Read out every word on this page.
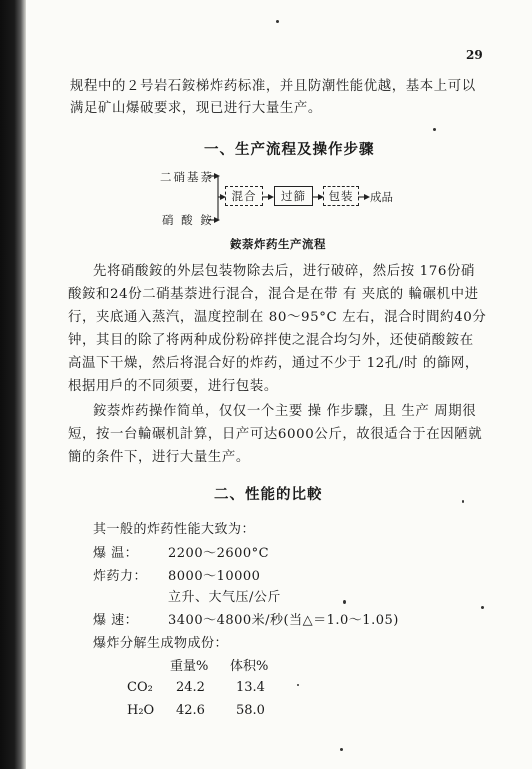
29
规程中的２号岩石銨梯炸药标准，并且防潮性能优越，基本上可以
满足矿山爆破要求，现已进行大量生产。
一、生产流程及操作步骤
二硝基萘
硝 酸 銨
混合	过篩	包装	成品
銨萘炸药生产流程
先将硝酸銨的外层包装物除去后，进行破碎，然后按 176份硝
酸銨和24份二硝基萘进行混合，混合是在带 有 夹底的 輪碾机中进
行，夹底通入蒸汽，温度控制在 80～95°C 左右，混合时間約40分
钟，其目的除了将两种成份粉碎拌使之混合均匀外，还使硝酸銨在
高温下干燥，然后将混合好的炸药，通过不少于 12孔/时 的篩网，
根据用戶的不同须要，进行包装。
銨萘炸药操作简单，仅仅一个主要 操 作步驟，且 生产 周期很
短，按一台輪碾机計算，日产可达6000公斤，故很适合于在因陋就
簡的条件下，进行大量生产。
二、性能的比較
其一般的炸药性能大致为：
爆 温： 2200～2600°C
炸药力： 8000～10000
立升、大气压/公斤
爆 速： 3400～4800米/秒(当△＝1.0～1.05)
爆炸分解生成物成份：
重量% 体积%
CO₂ 24.2 13.4
H₂O 42.6 58.0
